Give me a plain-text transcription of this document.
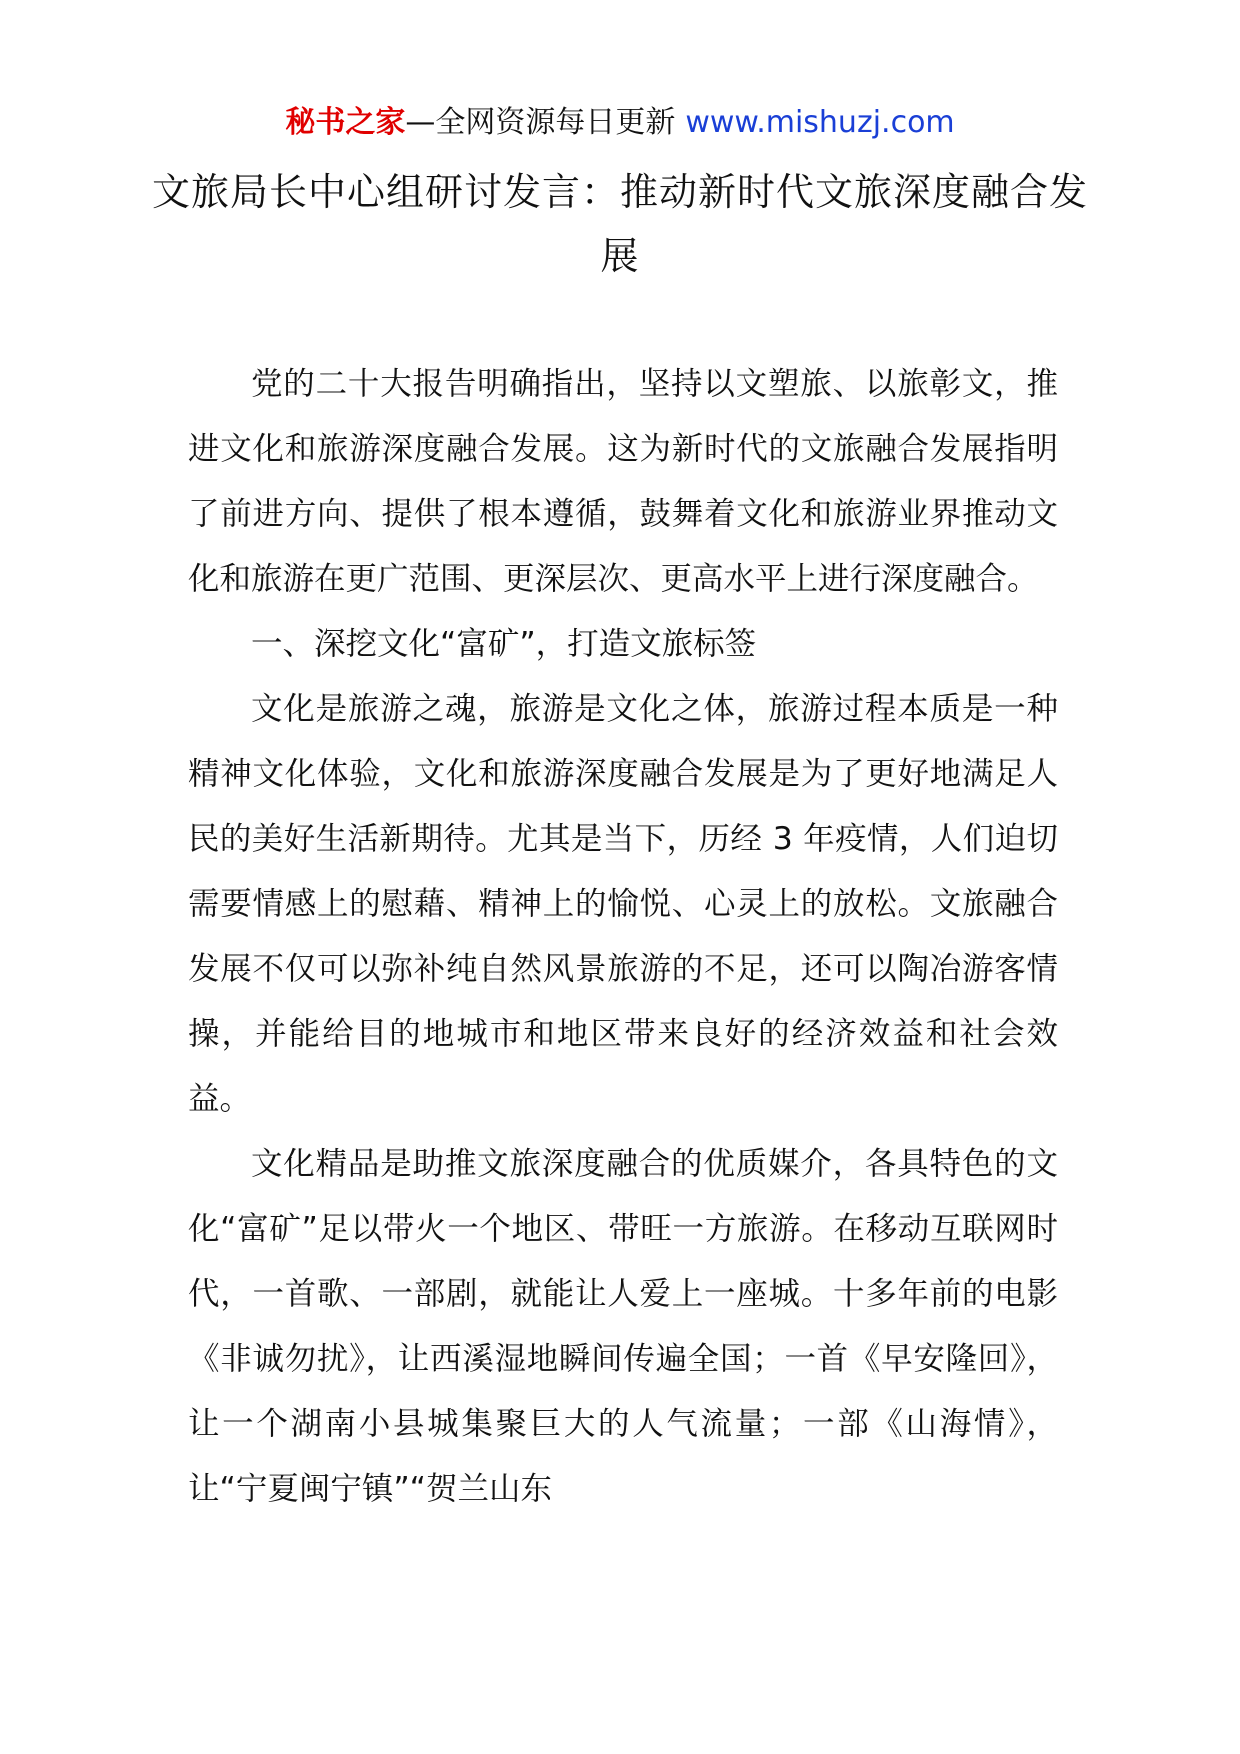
秘书之家—全网资源每日更新 www.mishuzj.com
文旅局长中心组研讨发言：推动新时代文旅深度融合发展

党的二十大报告明确指出，坚持以文塑旅、以旅彰文，推进文化和旅游深度融合发展。这为新时代的文旅融合发展指明了前进方向、提供了根本遵循，鼓舞着文化和旅游业界推动文化和旅游在更广范围、更深层次、更高水平上进行深度融合。

一、深挖文化“富矿”，打造文旅标签

文化是旅游之魂，旅游是文化之体，旅游过程本质是一种精神文化体验，文化和旅游深度融合发展是为了更好地满足人民的美好生活新期待。尤其是当下，历经 3 年疫情，人们迫切需要情感上的慰藉、精神上的愉悦、心灵上的放松。文旅融合发展不仅可以弥补纯自然风景旅游的不足，还可以陶冶游客情操，并能给目的地城市和地区带来良好的经济效益和社会效益。

文化精品是助推文旅深度融合的优质媒介，各具特色的文化“富矿”足以带火一个地区、带旺一方旅游。在移动互联网时代，一首歌、一部剧，就能让人爱上一座城。十多年前的电影《非诚勿扰》，让西溪湿地瞬间传遍全国；一首《早安隆回》，让一个湖南小县城集聚巨大的人气流量；一部《山海情》，让“宁夏闽宁镇”“贺兰山东
